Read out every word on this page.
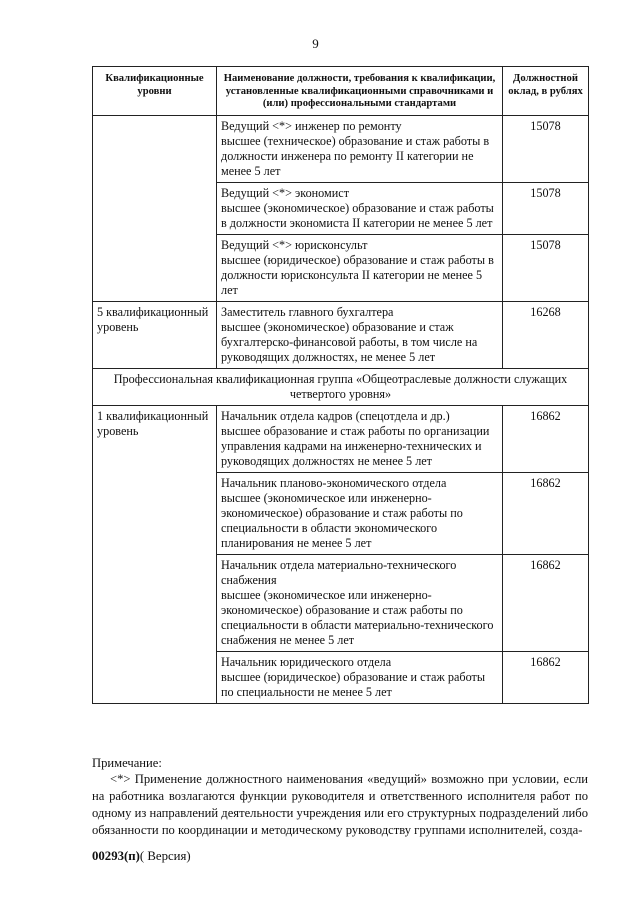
9
Квалификационные уровни	Наименование должности, требования к квалификации, установленные квалификационными справочниками и (или) профессиональными стандартами	Должностной оклад, в рублях

	Ведущий <*> инженер по ремонту
высшее (техническое) образование и стаж работы в должности инженера по ремонту II категории не менее 5 лет	15078

	Ведущий <*> экономист
высшее (экономическое) образование и стаж работы в должности экономиста II категории не менее 5 лет	15078

	Ведущий <*> юрисконсульт
высшее (юридическое) образование и стаж работы в должности юрисконсульта II категории не менее 5 лет	15078
5 квалификационный уровень	Заместитель главного бухгалтера
высшее (экономическое) образование и стаж бухгалтерско-финансовой работы, в том числе на руководящих должностях, не менее 5 лет	16268
Профессиональная квалификационная группа «Общеотраслевые должности служащих четвертого уровня»		
1 квалификационный уровень	Начальник отдела кадров (спецотдела и др.)
высшее образование и стаж работы по организации управления кадрами на инженерно-технических и руководящих должностях не менее 5 лет	16862

	Начальник планово-экономического отдела
высшее (экономическое или инженерно-экономическое) образование и стаж работы по специальности в области экономического планирования не менее 5 лет	16862

	Начальник отдела материально-технического снабжения
высшее (экономическое или инженерно-экономическое) образование и стаж работы по специальности в области материально-технического снабжения не менее 5 лет	16862

	Начальник юридического отдела
высшее (юридическое) образование и стаж работы по специальности не менее 5 лет	16862
Примечание:
<*> Применение должностного наименования «ведущий» возможно при условии, если на работника возлагаются функции руководителя и ответственного исполнителя работ по одному из направлений деятельности учреждения или его структурных подразделений либо обязанности по координации и методическому руководству группами исполнителей, созда-
00293(п)( Версия)
